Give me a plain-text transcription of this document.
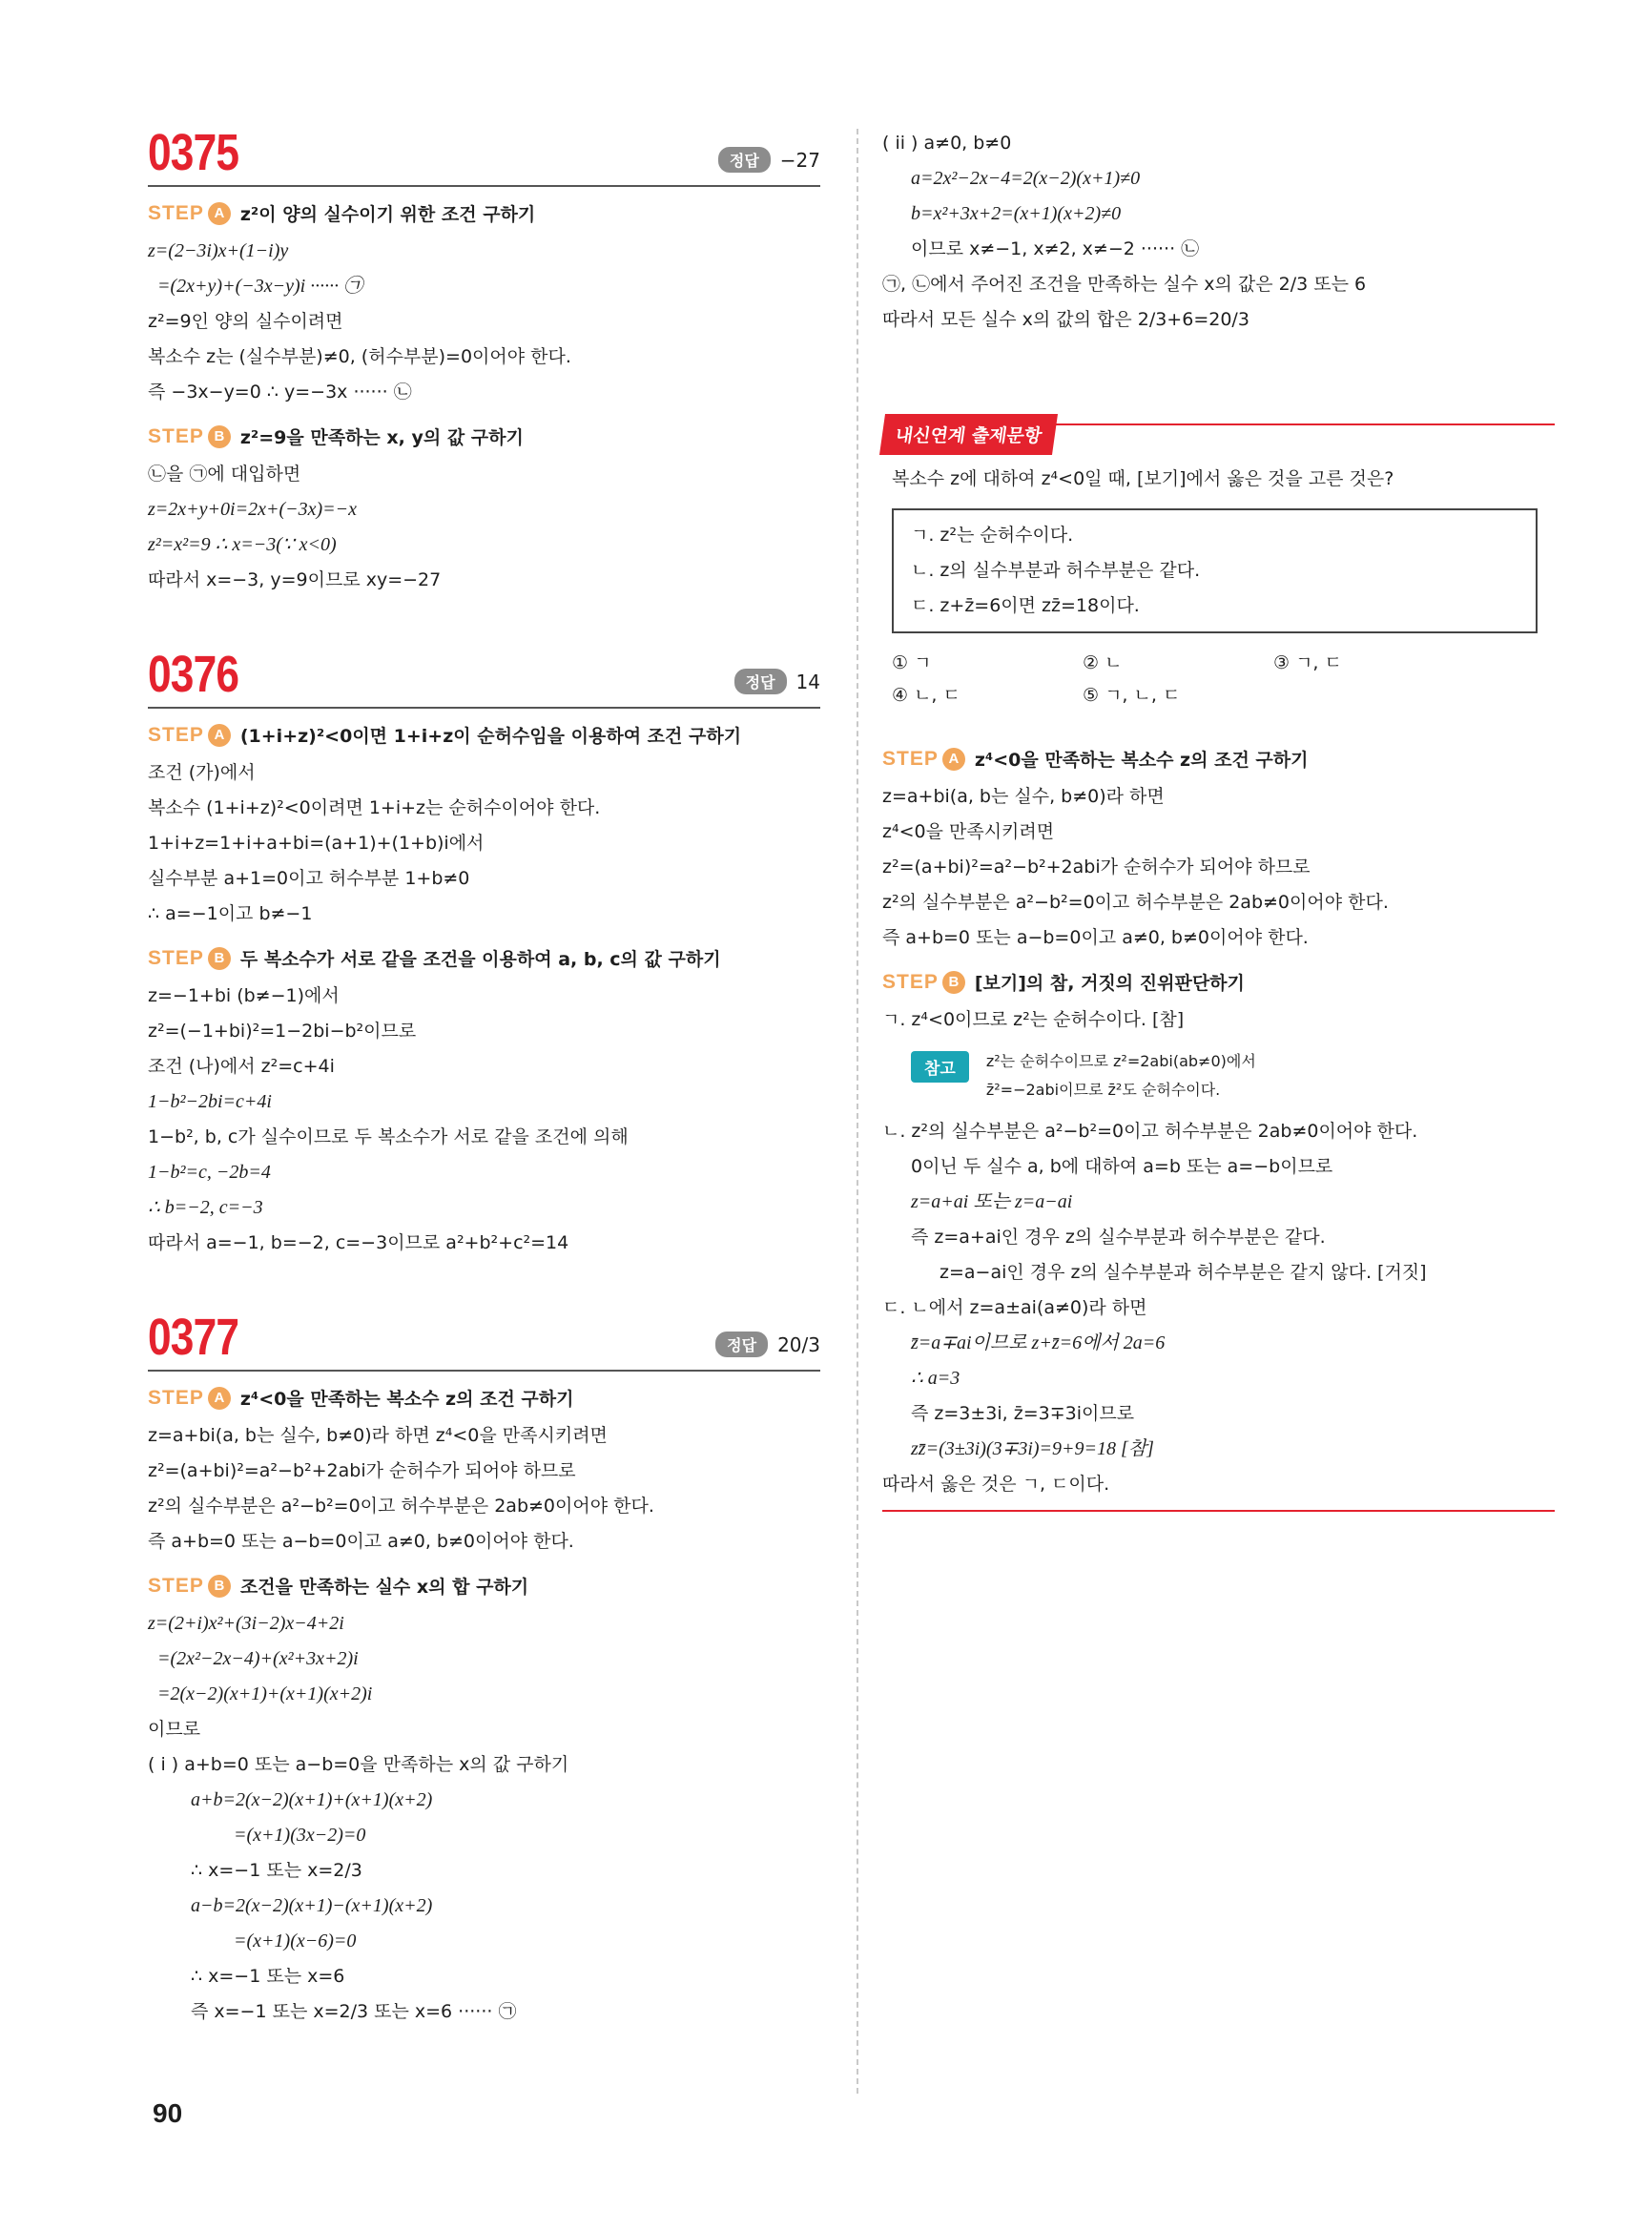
0375	정답	−27
STEP A z²이 양의 실수이기 위한 조건 구하기
z=(2−3i)x+(1−i)y
=(2x+y)+(−3x−y)i ······ ㉠
z²=9인 양의 실수이려면
복소수 z는 (실수부분)≠0, (허수부분)=0이어야 한다.
즉 −3x−y=0 ∴ y=−3x ······ ㉡
STEP B z²=9을 만족하는 x, y의 값 구하기
㉡을 ㉠에 대입하면
z=2x+y+0i=2x+(−3x)=−x
z²=x²=9 ∴ x=−3(∵ x<0)
따라서 x=−3, y=9이므로 xy=−27
0376	정답	14
STEP A (1+i+z)²<0이면 1+i+z이 순허수임을 이용하여 조건 구하기
조건 (가)에서
복소수 (1+i+z)²<0이려면 1+i+z는 순허수이어야 한다.
1+i+z=1+i+a+bi=(a+1)+(1+b)i에서
실수부분 a+1=0이고 허수부분 1+b≠0
∴ a=−1이고 b≠−1
STEP B 두 복소수가 서로 같을 조건을 이용하여 a, b, c의 값 구하기
z=−1+bi (b≠−1)에서
z²=(−1+bi)²=1−2bi−b²이므로
조건 (나)에서 z²=c+4i
1−b²−2bi=c+4i
1−b², b, c가 실수이므로 두 복소수가 서로 같을 조건에 의해
1−b²=c, −2b=4
∴ b=−2, c=−3
따라서 a=−1, b=−2, c=−3이므로 a²+b²+c²=14
0377	정답	20/3
STEP A z⁴<0을 만족하는 복소수 z의 조건 구하기
z=a+bi(a, b는 실수, b≠0)라 하면 z⁴<0을 만족시키려면
z²=(a+bi)²=a²−b²+2abi가 순허수가 되어야 하므로
z²의 실수부분은 a²−b²=0이고 허수부분은 2ab≠0이어야 한다.
즉 a+b=0 또는 a−b=0이고 a≠0, b≠0이어야 한다.
STEP B 조건을 만족하는 실수 x의 합 구하기
z=(2+i)x²+(3i−2)x−4+2i
=(2x²−2x−4)+(x²+3x+2)i
=2(x−2)(x+1)+(x+1)(x+2)i
이므로
( i ) a+b=0 또는 a−b=0을 만족하는 x의 값 구하기
a+b=2(x−2)(x+1)+(x+1)(x+2)
=(x+1)(3x−2)=0
∴ x=−1 또는 x=2/3
a−b=2(x−2)(x+1)−(x+1)(x+2)
=(x+1)(x−6)=0
∴ x=−1 또는 x=6
즉 x=−1 또는 x=2/3 또는 x=6 ······ ㉠
( ii ) a≠0, b≠0
a=2x²−2x−4=2(x−2)(x+1)≠0
b=x²+3x+2=(x+1)(x+2)≠0
이므로 x≠−1, x≠2, x≠−2 ······ ㉡
㉠, ㉡에서 주어진 조건을 만족하는 실수 x의 값은 2/3 또는 6
따라서 모든 실수 x의 값의 합은 2/3+6=20/3
내신연계 출제문항
복소수 z에 대하여 z⁴<0일 때, [보기]에서 옳은 것을 고른 것은?
ㄱ. z²는 순허수이다.
ㄴ. z의 실수부분과 허수부분은 같다.
ㄷ. z+z̄=6이면 zz̄=18이다.
① ㄱ	② ㄴ	③ ㄱ, ㄷ
④ ㄴ, ㄷ	⑤ ㄱ, ㄴ, ㄷ
STEP A z⁴<0을 만족하는 복소수 z의 조건 구하기
z=a+bi(a, b는 실수, b≠0)라 하면
z⁴<0을 만족시키려면
z²=(a+bi)²=a²−b²+2abi가 순허수가 되어야 하므로
z²의 실수부분은 a²−b²=0이고 허수부분은 2ab≠0이어야 한다.
즉 a+b=0 또는 a−b=0이고 a≠0, b≠0이어야 한다.
STEP B [보기]의 참, 거짓의 진위판단하기
ㄱ. z⁴<0이므로 z²는 순허수이다. [참]
참고	z²는 순허수이므로 z²=2abi(ab≠0)에서
z̄²=−2abi이므로 z̄²도 순허수이다.
ㄴ. z²의 실수부분은 a²−b²=0이고 허수부분은 2ab≠0이어야 한다.
0이닌 두 실수 a, b에 대하여 a=b 또는 a=−b이므로
z=a+ai 또는 z=a−ai
즉 z=a+ai인 경우 z의 실수부분과 허수부분은 같다.
z=a−ai인 경우 z의 실수부분과 허수부분은 같지 않다. [거짓]
ㄷ. ㄴ에서 z=a±ai(a≠0)라 하면
z̄=a∓ai이므로 z+z̄=6에서 2a=6
∴ a=3
즉 z=3±3i, z̄=3∓3i이므로
zz̄=(3±3i)(3∓3i)=9+9=18 [참]
따라서 옳은 것은 ㄱ, ㄷ이다.
90
